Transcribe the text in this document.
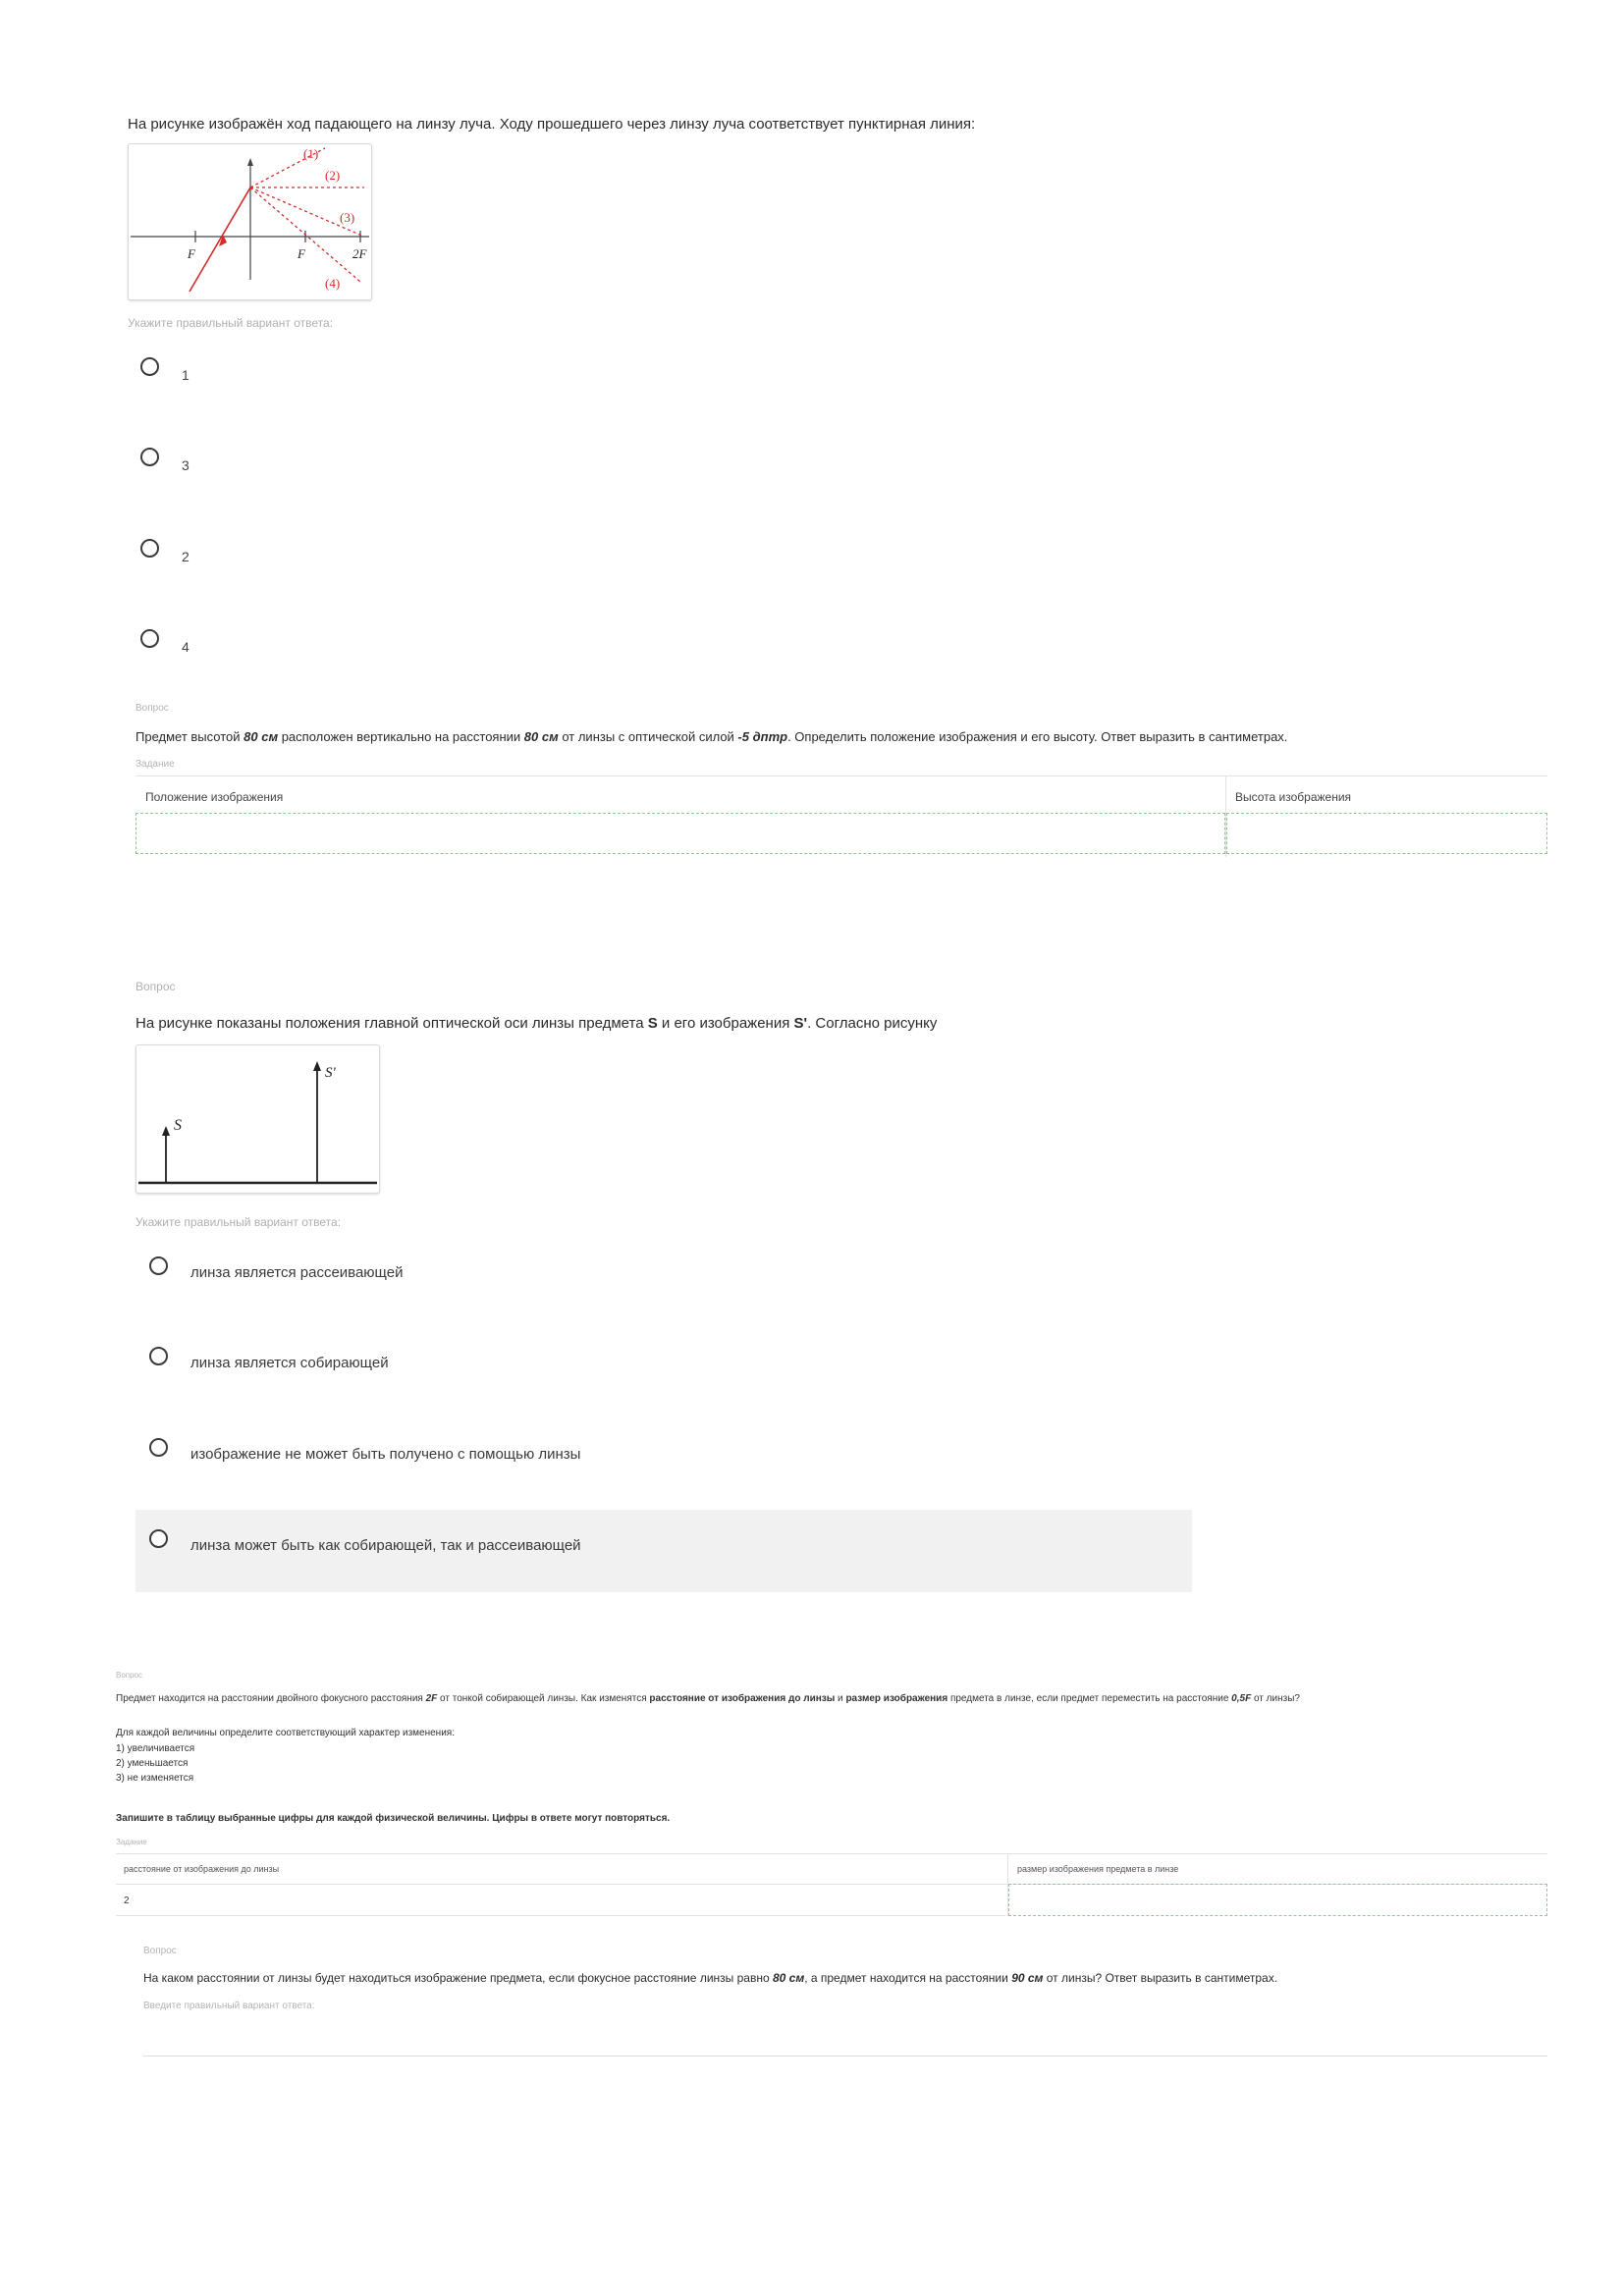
На рисунке изображён ход падающего на линзу луча. Ходу прошедшего через линзу луча соответствует пунктирная линия:
(1)
(2)
(3)
(4)
F	F	2F
Укажите правильный вариант ответа:
1
3
2
4
Вопрос
Предмет высотой 80 см расположен вертикально на расстоянии 80 см от линзы с оптической силой -5 дптр. Определить положение изображения и его высоту. Ответ выразить в сантиметрах.
Задание
Положение изображения	Высота изображения
Вопрос
На рисунке показаны положения главной оптической оси линзы предмета S и его изображения S'. Согласно рисунку
S
S'
Укажите правильный вариант ответа:
линза является рассеивающей
линза является собирающей
изображение не может быть получено с помощью линзы
линза может быть как собирающей, так и рассеивающей
Вопрос
Предмет находится на расстоянии двойного фокусного расстояния 2F от тонкой собирающей линзы. Как изменятся расстояние от изображения до линзы и размер изображения предмета в линзе, если предмет переместить на расстояние 0,5F от линзы?
Для каждой величины определите соответствующий характер изменения:
1) увеличивается
2) уменьшается
3) не изменяется
Запишите в таблицу выбранные цифры для каждой физической величины. Цифры в ответе могут повторяться.
Задание
расстояние от изображения до линзы	размер изображения предмета в линзе
2
Вопрос
На каком расстоянии от линзы будет находиться изображение предмета, если фокусное расстояние линзы равно 80 см, а предмет находится на расстоянии 90 см от линзы? Ответ выразить в сантиметрах.
Введите правильный вариант ответа:
